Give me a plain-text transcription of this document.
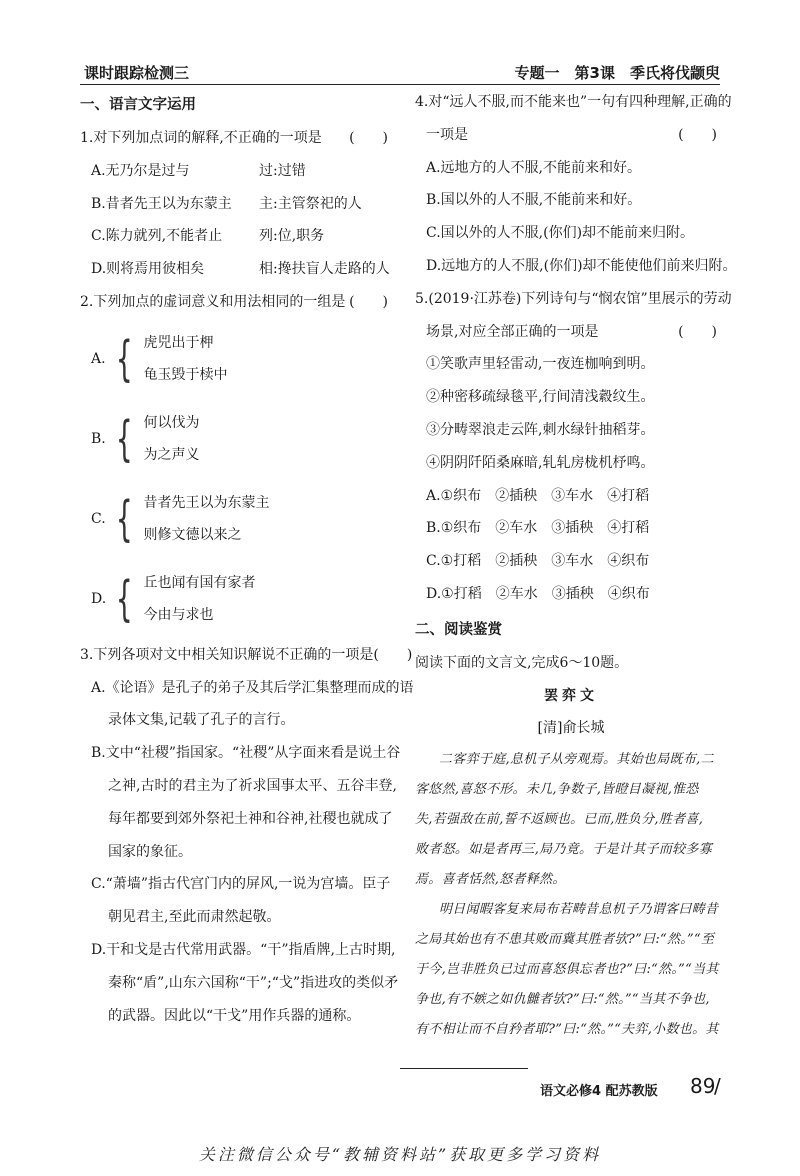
课时跟踪检测三	专题一　第3课　季氏将伐颛臾
一、语言文字运用
1.对下列加点词的解释,不正确的一项是 (　　)
A.无乃尔是过与	过:过错
B.昔者先王以为东蒙主	主:主管祭祀的人
C.陈力就列,不能者止	列:位,职务
D.则将焉用彼相矣	相:搀扶盲人走路的人
2.下列加点的虚词意义和用法相同的一组是 (　　)
A. { 虎兕出于柙
龟玉毁于椟中
B. { 何以伐为
为之声义
C. { 昔者先王以为东蒙主
则修文德以来之
D. { 丘也闻有国有家者
今由与求也
3.下列各项对文中相关知识解说不正确的一项是 (　　)
A.《论语》是孔子的弟子及其后学汇集整理而成的语
录体文集,记载了孔子的言行。
B.文中“社稷”指国家。“社稷”从字面来看是说土谷
之神,古时的君主为了祈求国事太平、五谷丰登,
每年都要到郊外祭祀土神和谷神,社稷也就成了
国家的象征。
C.“萧墙”指古代宫门内的屏风,一说为宫墙。臣子
朝见君主,至此而肃然起敬。
D.干和戈是古代常用武器。“干”指盾牌,上古时期,
秦称“盾”,山东六国称“干”;“戈”指进攻的类似矛
的武器。因此以“干戈”用作兵器的通称。
4.对“远人不服,而不能来也”一句有四种理解,正确的
一项是	(　　)
A.远地方的人不服,不能前来和好。
B.国以外的人不服,不能前来和好。
C.国以外的人不服,(你们)却不能前来归附。
D.远地方的人不服,(你们)却不能使他们前来归附。
5.(2019·江苏卷)下列诗句与“悯农馆”里展示的劳动
场景,对应全部正确的一项是	(　　)
①笑歌声里轻雷动,一夜连枷响到明。
②种密移疏绿毯平,行间清浅縠纹生。
③分畴翠浪走云阵,刺水绿针抽稻芽。
④阴阴阡陌桑麻暗,轧轧房栊机杼鸣。
A.①织布　②插秧　③车水　④打稻
B.①织布　②车水　③插秧　④打稻
C.①打稻　②插秧　③车水　④织布
D.①打稻　②车水　③插秧　④织布
二、阅读鉴赏
阅读下面的文言文,完成6～10题。
罢弈文
[清]俞长城
二客弈于庭,息机子从旁观焉。其始也局既布,二
客悠然,喜怒不形。未几,争数子,皆瞪目凝视,惟恐
失,若强敌在前,誓不返顾也。已而,胜负分,胜者喜,
败者怒。如是者再三,局乃竟。于是计其子而较多寡
焉。喜者恬然,怒者释然。
明日闻暇客复来局布若畴昔息机子乃谓客曰畴昔
之局其始也有不患其败而冀其胜者欤?”曰:“然。”“至
于今,岂非胜负已过而喜怒俱忘者也?”曰:“然。”“当其
争也,有不嫉之如仇雠者欤?”曰:“然。”“当其不争也,
有不相让而不自矜者耶?”曰:“然。”“夫弈,小数也。其
语文必修4 配苏教版 89
/
关注微信公众号“教辅资料站”获取更多学习资料
